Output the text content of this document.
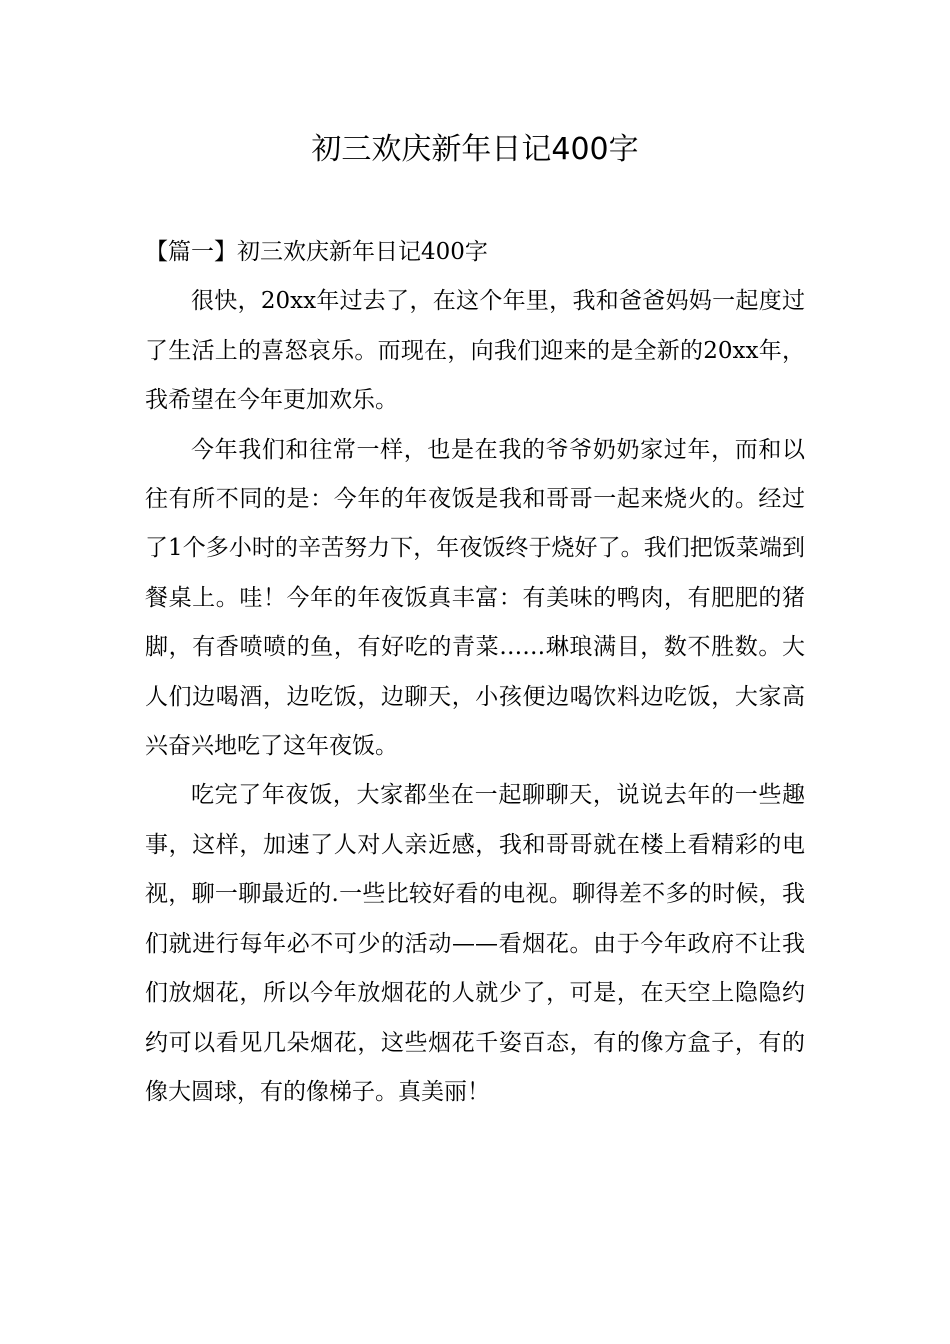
初三欢庆新年日记400字

【篇一】初三欢庆新年日记400字

很快，20xx年过去了，在这个年里，我和爸爸妈妈一起度过了生活上的喜怒哀乐。而现在，向我们迎来的是全新的20xx年，我希望在今年更加欢乐。

今年我们和往常一样，也是在我的爷爷奶奶家过年，而和以往有所不同的是：今年的年夜饭是我和哥哥一起来烧火的。经过了1个多小时的辛苦努力下，年夜饭终于烧好了。我们把饭菜端到餐桌上。哇！今年的年夜饭真丰富：有美味的鸭肉，有肥肥的猪脚，有香喷喷的鱼，有好吃的青菜……琳琅满目，数不胜数。大人们边喝酒，边吃饭，边聊天，小孩便边喝饮料边吃饭，大家高兴奋兴地吃了这年夜饭。

吃完了年夜饭，大家都坐在一起聊聊天，说说去年的一些趣事，这样，加速了人对人亲近感，我和哥哥就在楼上看精彩的电视，聊一聊最近的.一些比较好看的电视。聊得差不多的时候，我们就进行每年必不可少的活动——看烟花。由于今年政府不让我们放烟花，所以今年放烟花的人就少了，可是，在天空上隐隐约约可以看见几朵烟花，这些烟花千姿百态，有的像方盒子，有的像大圆球，有的像梯子。真美丽！
